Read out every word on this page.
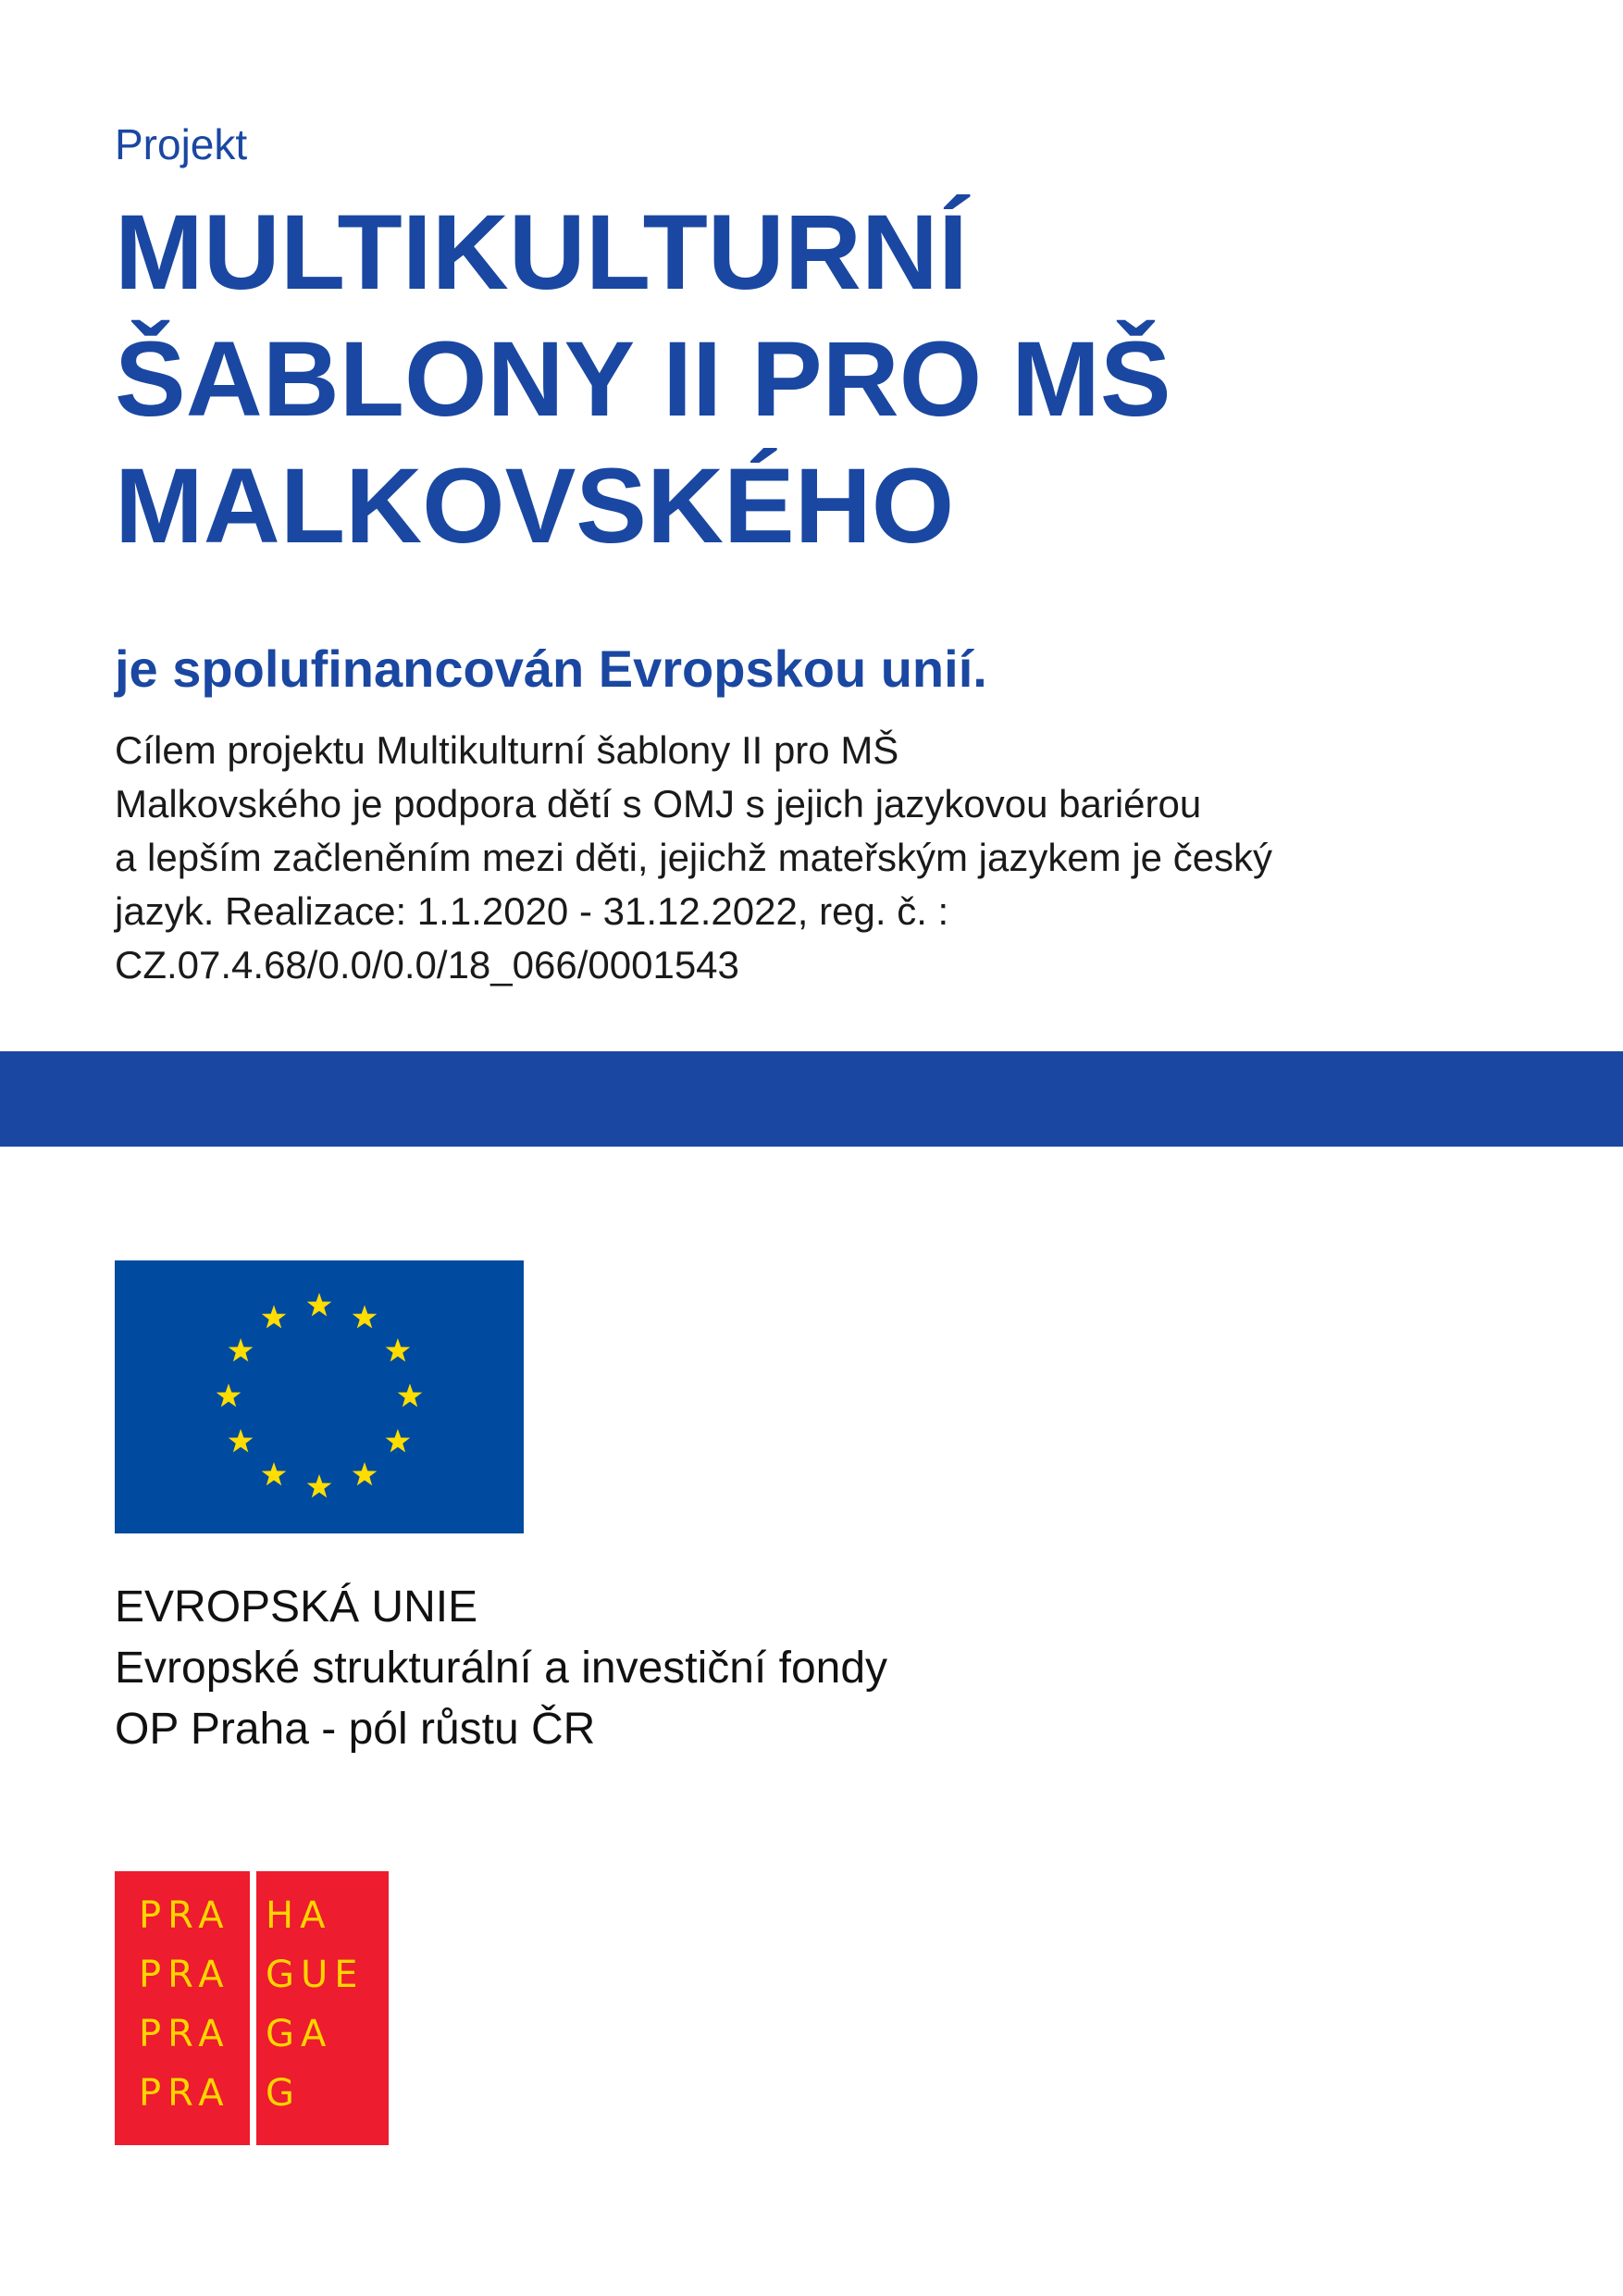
Projekt
MULTIKULTURNÍ
ŠABLONY II PRO MŠ
MALKOVSKÉHO
je spolufinancován Evropskou unií.
Cílem projektu Multikulturní šablony II pro MŠ
Malkovského je podpora dětí s OMJ s jejich jazykovou bariérou
a lepším začleněním mezi děti, jejichž mateřským jazykem je český
jazyk. Realizace: 1.1.2020 - 31.12.2022, reg. č. :
CZ.07.4.68/0.0/0.0/18_066/0001543
EVROPSKÁ UNIE
Evropské strukturální a investiční fondy
OP Praha - pól růstu ČR
PRA
PRA
PRA
PRA
HA
GUE
GA
G
